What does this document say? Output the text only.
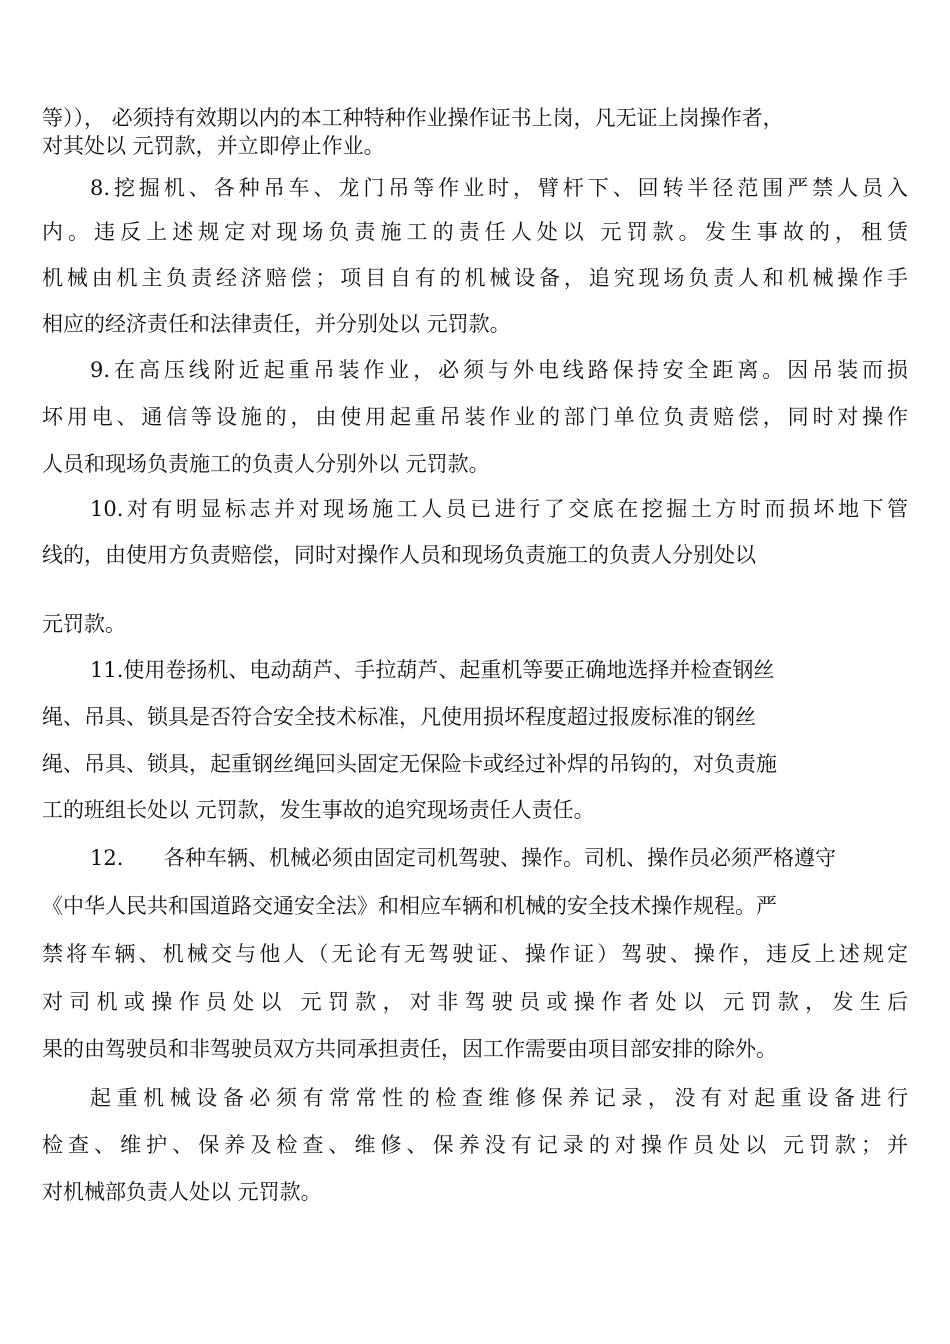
等））， 必须持有效期以内的本工种特种作业操作证书上岗，凡无证上岗操作者，
对其处以 元罚款，并立即停止作业。
8.挖掘机、各种吊车、龙门吊等作业时，臂杆下、回转半径范围严禁人员入
内。违反上述规定对现场负责施工的责任人处以 元罚款。发生事故的，租赁
机械由机主负责经济赔偿；项目自有的机械设备，追究现场负责人和机械操作手
相应的经济责任和法律责任，并分别处以 元罚款。
9.在高压线附近起重吊装作业，必须与外电线路保持安全距离。因吊装而损
坏用电、通信等设施的，由使用起重吊装作业的部门单位负责赔偿，同时对操作
人员和现场负责施工的负责人分别外以 元罚款。
10.对有明显标志并对现场施工人员已进行了交底在挖掘土方时而损坏地下管
线的，由使用方负责赔偿，同时对操作人员和现场负责施工的负责人分别处以
元罚款。
11.使用卷扬机、电动葫芦、手拉葫芦、起重机等要正确地选择并检查钢丝
绳、吊具、锁具是否符合安全技术标准，凡使用损坏程度超过报废标准的钢丝
绳、吊具、锁具，起重钢丝绳回头固定无保险卡或经过补焊的吊钩的，对负责施
工的班组长处以 元罚款，发生事故的追究现场责任人责任。
12.	各种车辆、机械必须由固定司机驾驶、操作。司机、操作员必须严格遵守
《中华人民共和国道路交通安全法》和相应车辆和机械的安全技术操作规程。严
禁将车辆、机械交与他人（无论有无驾驶证、操作证）驾驶、操作，违反上述规定
对司机或操作员处以 元罚款，对非驾驶员或操作者处以 元罚款，发生后
果的由驾驶员和非驾驶员双方共同承担责任，因工作需要由项目部安排的除外。
起重机械设备必须有常常性的检查维修保养记录，没有对起重设备进行
检查、维护、保养及检查、维修、保养没有记录的对操作员处以 元罚款；并
对机械部负责人处以 元罚款。
